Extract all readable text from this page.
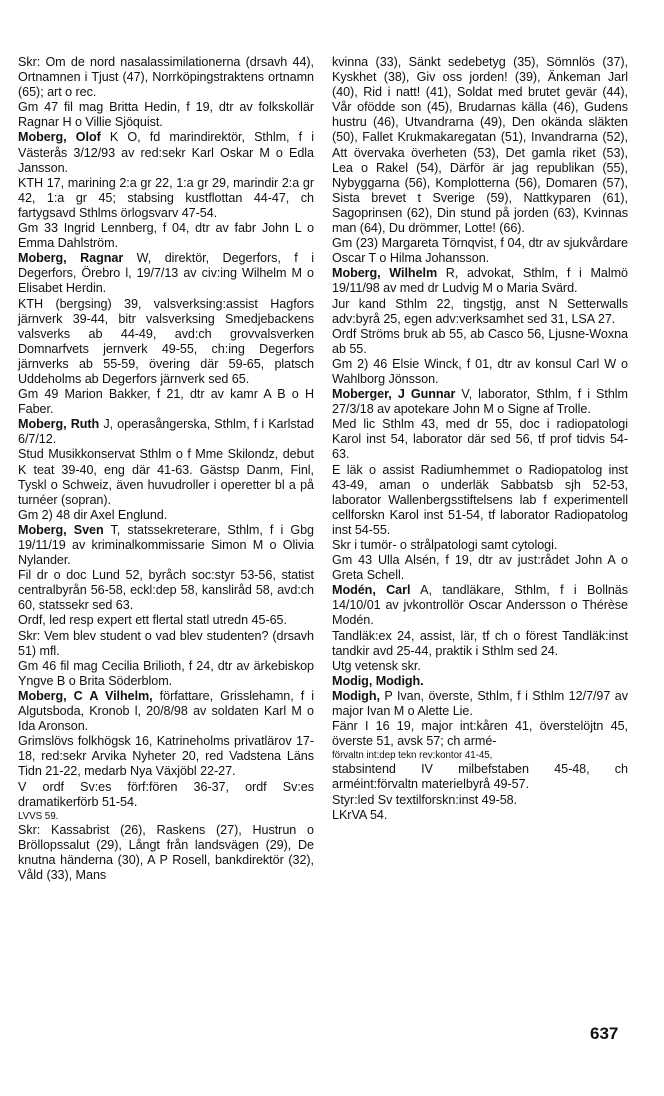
Skr: Om de nord nasalassimilationerna (drsavh 44), Ortnamnen i Tjust (47), Norrköpingstraktens ortnamn (65); art o rec.

Gm 47 fil mag Britta Hedin, f 19, dtr av folkskollär Ragnar H o Villie Sjöquist.

Moberg, Olof K O, fd marindirektör, Sthlm, f i Västerås 3/12/93 av red:sekr Karl Oskar M o Edla Jansson.

KTH 17, marining 2:a gr 22, 1:a gr 29, marindir 2:a gr 42, 1:a gr 45; stabsing kustflottan 44-47, ch fartygsavd Sthlms örlogsvarv 47-54.

Gm 33 Ingrid Lennberg, f 04, dtr av fabr John L o Emma Dahlström.

Moberg, Ragnar W, direktör, Degerfors, f i Degerfors, Örebro l, 19/7/13 av civ:ing Wilhelm M o Elisabet Herdin.

KTH (bergsing) 39, valsverksing:assist Hagfors järnverk 39-44, bitr valsverksing Smedjebackens valsverks ab 44-49, avd:ch grovvalsverken Domnarfvets jernverk 49-55, ch:ing Degerfors järnverks ab 55-59, övering där 59-65, platsch Uddeholms ab Degerfors järnverk sed 65.

Gm 49 Marion Bakker, f 21, dtr av kamr A B o H Faber.

Moberg, Ruth J, operasångerska, Sthlm, f i Karlstad 6/7/12.

Stud Musikkonservat Sthlm o f Mme Skilondz, debut K teat 39-40, eng där 41-63. Gästsp Danm, Finl, Tyskl o Schweiz, även huvudroller i operetter bl a på turnéer (sopran).

Gm 2) 48 dir Axel Englund.

Moberg, Sven T, statssekreterare, Sthlm, f i Gbg 19/11/19 av kriminalkommissarie Simon M o Olivia Nylander.

Fil dr o doc Lund 52, byråch soc:styr 53-56, statist centralbyrån 56-58, eckl:dep 58, kansliråd 58, avd:ch 60, statssekr sed 63.

Ordf, led resp expert ett flertal statl utredn 45-65.

Skr: Vem blev student o vad blev studenten? (drsavh 51) mfl.

Gm 46 fil mag Cecilia Brilioth, f 24, dtr av ärkebiskop Yngve B o Brita Söderblom.

Moberg, C A Vilhelm, författare, Grisslehamn, f i Algutsboda, Kronob l, 20/8/98 av soldaten Karl M o Ida Aronson.

Grimslövs folkhögsk 16, Katrineholms privatlärov 17-18, red:sekr Arvika Nyheter 20, red Vadstena Läns Tidn 21-22, medarb Nya Växjöbl 22-27.

V ordf Sv:es förf:fören 36-37, ordf Sv:es dramatikerförb 51-54.

LVVS 59.

Skr: Kassabrist (26), Raskens (27), Hustrun o Bröllopssalut (29), Långt från landsvägen (29), De knutna händerna (30), A P Rosell, bankdirektör (32), Våld (33), Mans

kvinna (33), Sänkt sedebetyg (35), Sömnlös (37), Kyskhet (38), Giv oss jorden! (39), Änkeman Jarl (40), Rid i natt! (41), Soldat med brutet gevär (44), Vår ofödde son (45), Brudarnas källa (46), Gudens hustru (46), Utvandrarna (49), Den okända släkten (50), Fallet Krukmakaregatan (51), Invandrarna (52), Att övervaka överheten (53), Det gamla riket (53), Lea o Rakel (54), Därför är jag republikan (55), Nybyggarna (56), Komplotterna (56), Domaren (57), Sista brevet t Sverige (59), Nattkyparen (61), Sagoprinsen (62), Din stund på jorden (63), Kvinnas man (64), Du drömmer, Lotte! (66).

Gm (23) Margareta Törnqvist, f 04, dtr av sjukvårdare Oscar T o Hilma Johansson.

Moberg, Wilhelm R, advokat, Sthlm, f i Malmö 19/11/98 av med dr Ludvig M o Maria Svärd.

Jur kand Sthlm 22, tingstjg, anst N Setterwalls adv:byrå 25, egen adv:verksamhet sed 31, LSA 27.

Ordf Ströms bruk ab 55, ab Casco 56, Ljusne-Woxna ab 55.

Gm 2) 46 Elsie Winck, f 01, dtr av konsul Carl W o Wahlborg Jönsson.

Moberger, J Gunnar V, laborator, Sthlm, f i Sthlm 27/3/18 av apotekare John M o Signe af Trolle.

Med lic Sthlm 43, med dr 55, doc i radiopatologi Karol inst 54, laborator där sed 56, tf prof tidvis 54-63.

E läk o assist Radiumhemmet o Radiopatolog inst 43-49, aman o underläk Sabbatsb sjh 52-53, laborator Wallenbergsstiftelsens lab f experimentell cellforskn Karol inst 51-54, tf laborator Radiopatolog inst 54-55.

Skr i tumör- o strålpatologi samt cytologi.

Gm 43 Ulla Alsén, f 19, dtr av just:rådet John A o Greta Schell.

Modén, Carl A, tandläkare, Sthlm, f i Bollnäs 14/10/01 av jvkontrollör Oscar Andersson o Thérèse Modén.

Tandläk:ex 24, assist, lär, tf ch o förest Tandläk:inst tandkir avd 25-44, praktik i Sthlm sed 24.

Utg vetensk skr.

Modig, Modigh.

Modigh, P Ivan, överste, Sthlm, f i Sthlm 12/7/97 av major Ivan M o Alette Lie.

Fänr I 16 19, major int:kåren 41, överstelöjtn 45, överste 51, avsk 57; ch armé-

förvaltn int:dep tekn rev:kontor 41-45,

stabsintend IV milbefstaben 45-48, ch arméint:förvaltn materielbyrå 49-57.

Styr:led Sv textilforskn:inst 49-58.

LKrVA 54.

637
